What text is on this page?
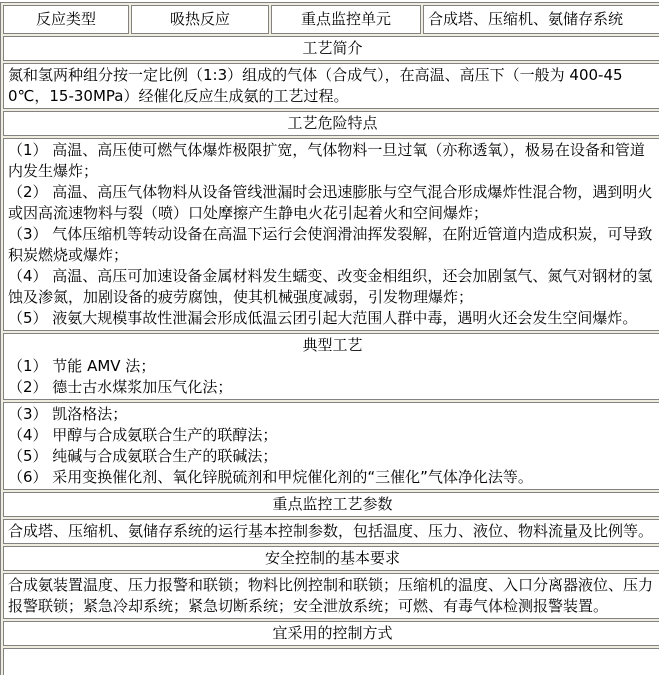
反应类型	吸热反应	重点监控单元	合成塔、压缩机、氨储存系统
工艺简介
氮和氢两种组分按一定比例（1:3）组成的气体（合成气），在高温、高压下（一般为 400-450℃，15-30MPa）经催化反应生成氨的工艺过程。
工艺危险特点

（1） 高温、高压使可燃气体爆炸极限扩宽，气体物料一旦过氧（亦称透氧），极易在设备和管道内发生爆炸；
（2） 高温、高压气体物料从设备管线泄漏时会迅速膨胀与空气混合形成爆炸性混合物，遇到明火或因高流速物料与裂（喷）口处摩擦产生静电火花引起着火和空间爆炸；
（3） 气体压缩机等转动设备在高温下运行会使润滑油挥发裂解，在附近管道内造成积炭，可导致积炭燃烧或爆炸；
（4） 高温、高压可加速设备金属材料发生蠕变、改变金相组织，还会加剧氢气、氮气对钢材的氢蚀及渗氮，加剧设备的疲劳腐蚀，使其机械强度减弱，引发物理爆炸；
（5） 液氨大规模事故性泄漏会形成低温云团引起大范围人群中毒，遇明火还会发生空间爆炸。

典型工艺
（1） 节能 AMV 法；
（2） 德士古水煤浆加压气化法；

（3） 凯洛格法；
（4） 甲醇与合成氨联合生产的联醇法；
（5） 纯碱与合成氨联合生产的联碱法；
（6） 采用变换催化剂、氧化锌脱硫剂和甲烷催化剂的“三催化”气体净化法等。

重点监控工艺参数
合成塔、压缩机、氨储存系统的运行基本控制参数，包括温度、压力、液位、物料流量及比例等。
安全控制的基本要求
合成氨装置温度、压力报警和联锁；物料比例控制和联锁；压缩机的温度、入口分离器液位、压力报警联锁；紧急冷却系统；紧急切断系统；安全泄放系统；可燃、有毒气体检测报警装置。
宜采用的控制方式
